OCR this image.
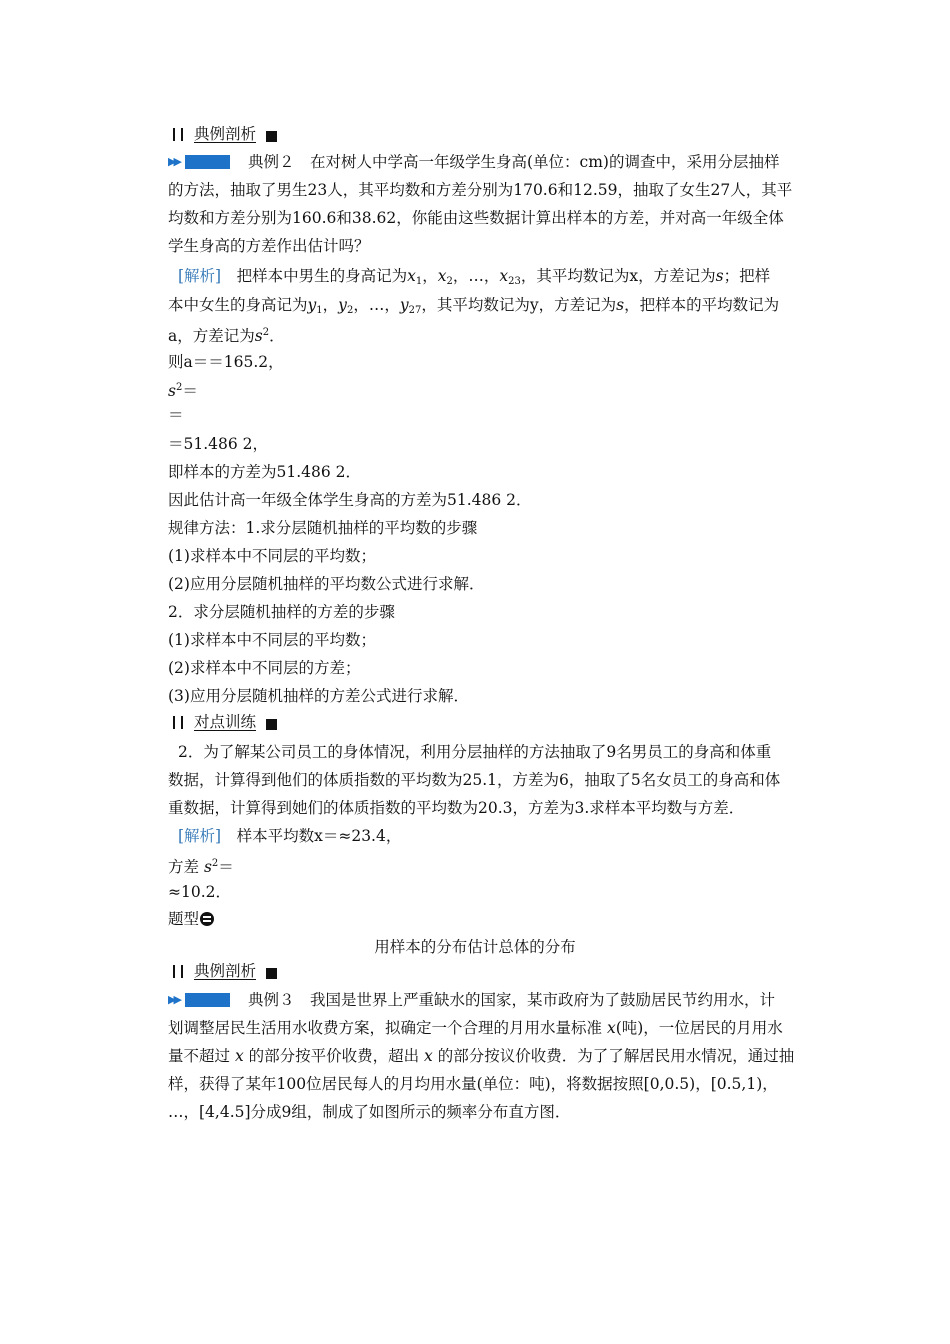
典例剖析
▶▶	典例２　在对树人中学高一年级学生身高(单位：cm)的调查中，采用分层抽样
的方法，抽取了男生23人，其平均数和方差分别为170.6和12.59，抽取了女生27人，其平
均数和方差分别为160.6和38.62，你能由这些数据计算出样本的方差，并对高一年级全体
学生身高的方差作出估计吗？
[解析]　把样本中男生的身高记为$x_1$，$x_2$，…，$x_{23}$，其平均数记为x，方差记为s；把样
本中女生的身高记为$y_1$，$y_2$，…，$y_{27}$，其平均数记为y，方差记为s，把样本的平均数记为
a，方差记为$s^2$．
则a＝＝165.2，
$s^2=$
＝
＝51.486 2，
即样本的方差为51.486 2．
因此估计高一年级全体学生身高的方差为51.486 2．
规律方法：1.求分层随机抽样的平均数的步骤
(1)求样本中不同层的平均数；
(2)应用分层随机抽样的平均数公式进行求解．
2．求分层随机抽样的方差的步骤
(1)求样本中不同层的平均数；
(2)求样本中不同层的方差；
(3)应用分层随机抽样的方差公式进行求解．
对点训练
2．为了解某公司员工的身体情况，利用分层抽样的方法抽取了9名男员工的身高和体重
数据，计算得到他们的体质指数的平均数为25.1，方差为6，抽取了5名女员工的身高和体
重数据，计算得到她们的体质指数的平均数为20.3，方差为3.求样本平均数与方差．
[解析]　样本平均数x＝≈23.4，
方差 $s^2=$
≈10.2．
题型
用样本的分布估计总体的分布
典例剖析
▶▶	典例３　我国是世界上严重缺水的国家，某市政府为了鼓励居民节约用水，计
划调整居民生活用水收费方案，拟确定一个合理的月用水量标准 x(吨)，一位居民的月用水
量不超过 x 的部分按平价收费，超出 x 的部分按议价收费．为了了解居民用水情况，通过抽
样，获得了某年100位居民每人的月均用水量(单位：吨)，将数据按照[0,0.5)，[0.5,1)，
…，[4,4.5]分成9组，制成了如图所示的频率分布直方图．
